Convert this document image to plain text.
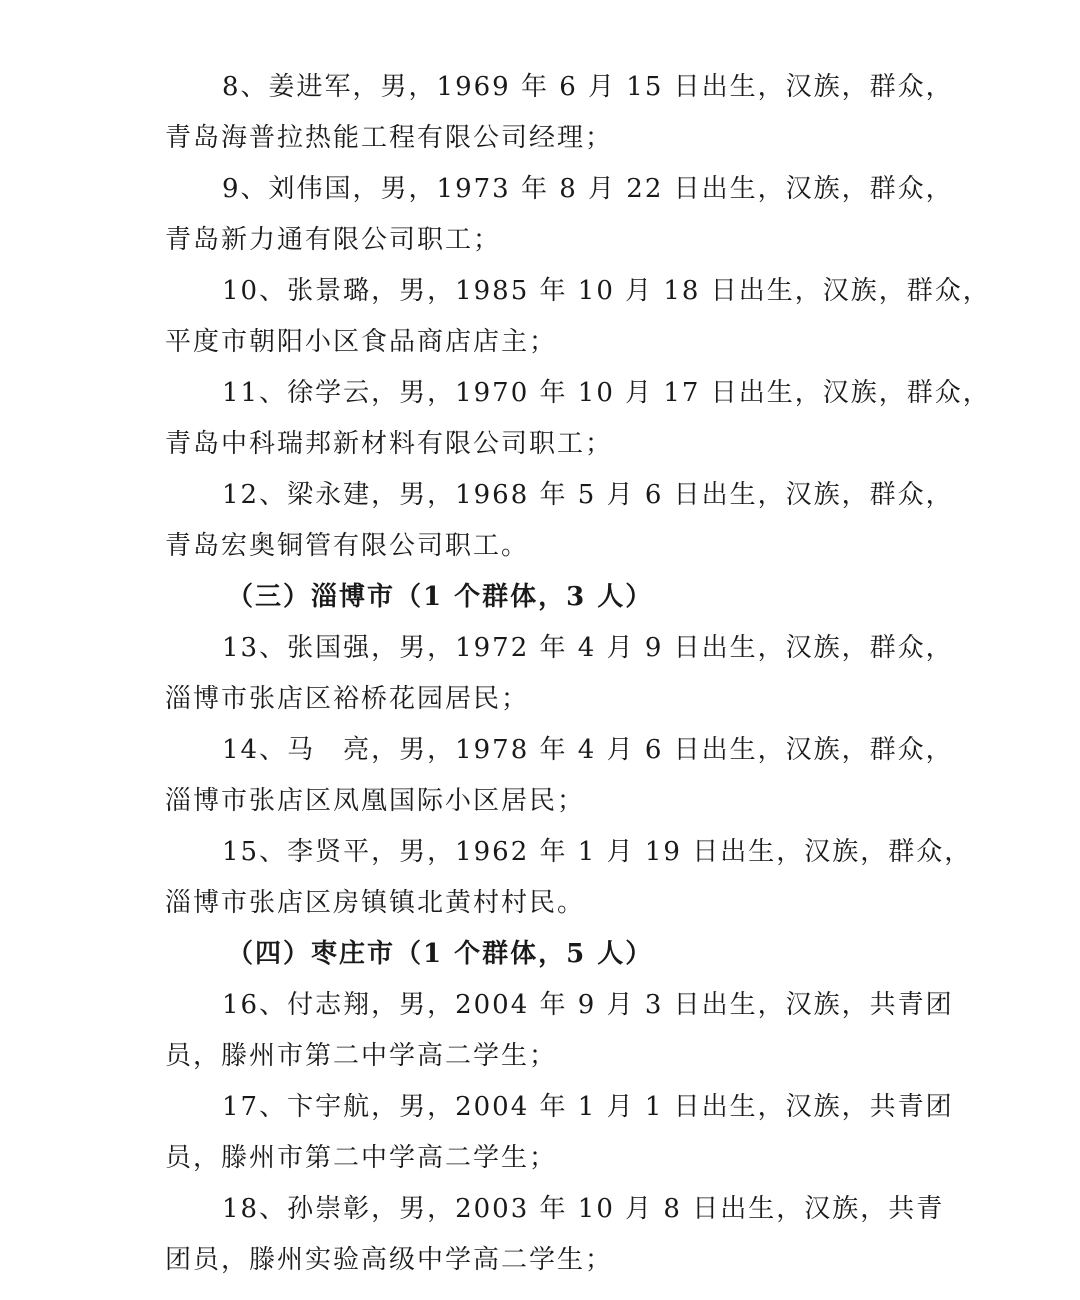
8、姜进军，男，1969 年 6 月 15 日出生，汉族，群众，

青岛海普拉热能工程有限公司经理；

9、刘伟国，男，1973 年 8 月 22 日出生，汉族，群众，

青岛新力通有限公司职工；

10、张景璐，男，1985 年 10 月 18 日出生，汉族，群众，

平度市朝阳小区食品商店店主；

11、徐学云，男，1970 年 10 月 17 日出生，汉族，群众，

青岛中科瑞邦新材料有限公司职工；

12、梁永建，男，1968 年 5 月 6 日出生，汉族，群众，

青岛宏奥铜管有限公司职工。

（三）淄博市（1 个群体，3 人）

13、张国强，男，1972 年 4 月 9 日出生，汉族，群众，

淄博市张店区裕桥花园居民；

14、马　亮，男，1978 年 4 月 6 日出生，汉族，群众，

淄博市张店区凤凰国际小区居民；

15、李贤平，男，1962 年 1 月 19 日出生，汉族，群众，

淄博市张店区房镇镇北黄村村民。

（四）枣庄市（1 个群体，5 人）

16、付志翔，男，2004 年 9 月 3 日出生，汉族，共青团

员，滕州市第二中学高二学生；

17、卞宇航，男，2004 年 1 月 1 日出生，汉族，共青团

员，滕州市第二中学高二学生；

18、孙崇彰，男，2003 年 10 月 8 日出生，汉族，共青

团员，滕州实验高级中学高二学生；
